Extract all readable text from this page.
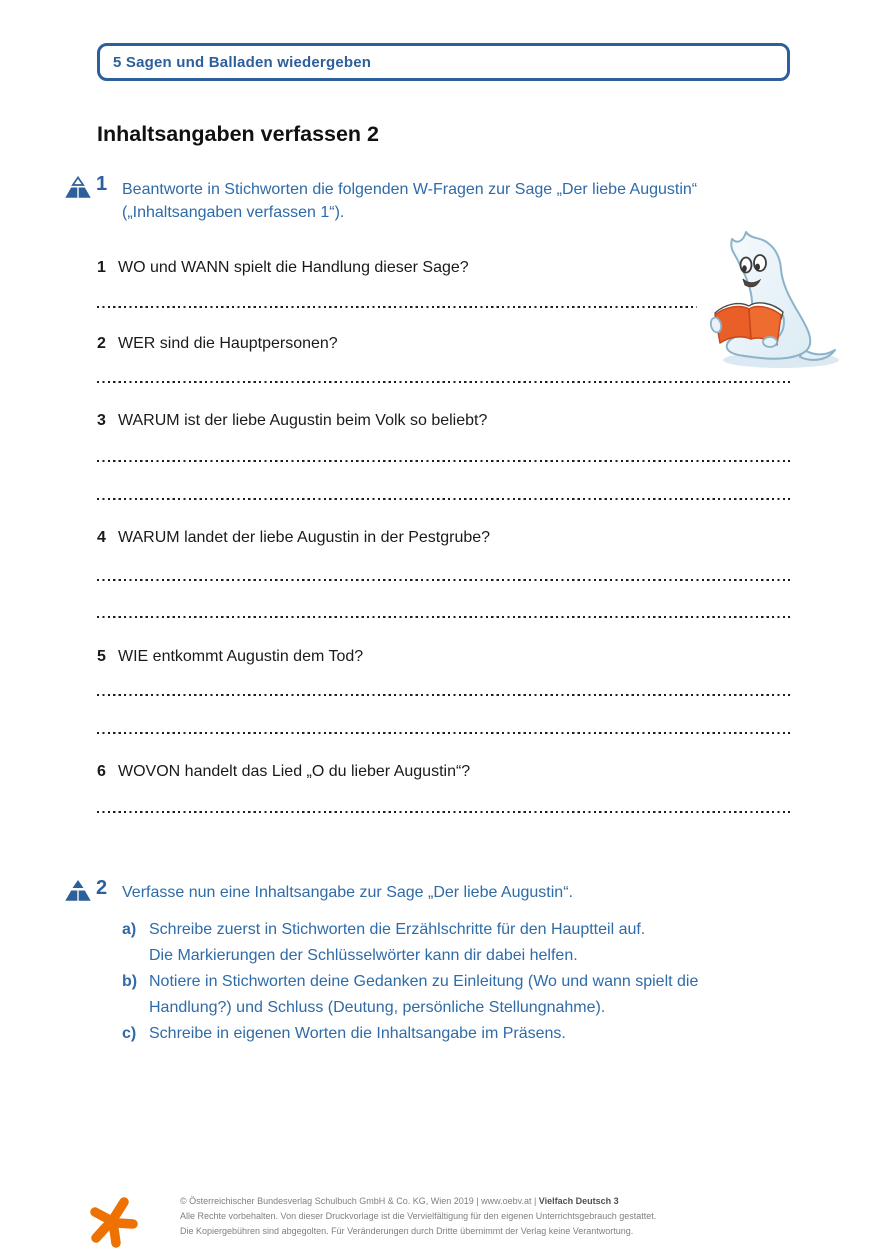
5 Sagen und Balladen wiedergeben
Inhaltsangaben verfassen 2
1 Beantworte in Stichworten die folgenden W-Fragen zur Sage „Der liebe Augustin“
(„Inhaltsangaben verfassen 1“).
1 WO und WANN spielt die Handlung dieser Sage?
2 WER sind die Hauptpersonen?
3 WARUM ist der liebe Augustin beim Volk so beliebt?
4 WARUM landet der liebe Augustin in der Pestgrube?
5 WIE entkommt Augustin dem Tod?
6 WOVON handelt das Lied „O du lieber Augustin“?
2 Verfasse nun eine Inhaltsangabe zur Sage „Der liebe Augustin“.
a) Schreibe zuerst in Stichworten die Erzählschritte für den Hauptteil auf.
Die Markierungen der Schlüsselwörter kann dir dabei helfen.
b) Notiere in Stichworten deine Gedanken zu Einleitung (Wo und wann spielt die
Handlung?) und Schluss (Deutung, persönliche Stellungnahme).
c) Schreibe in eigenen Worten die Inhaltsangabe im Präsens.
© Österreichischer Bundesverlag Schulbuch GmbH & Co. KG, Wien 2019 | www.oebv.at | Vielfach Deutsch 3
Alle Rechte vorbehalten. Von dieser Druckvorlage ist die Vervielfältigung für den eigenen Unterrichtsgebrauch gestattet.
Die Kopiergebühren sind abgegolten. Für Veränderungen durch Dritte übernimmt der Verlag keine Verantwortung.
